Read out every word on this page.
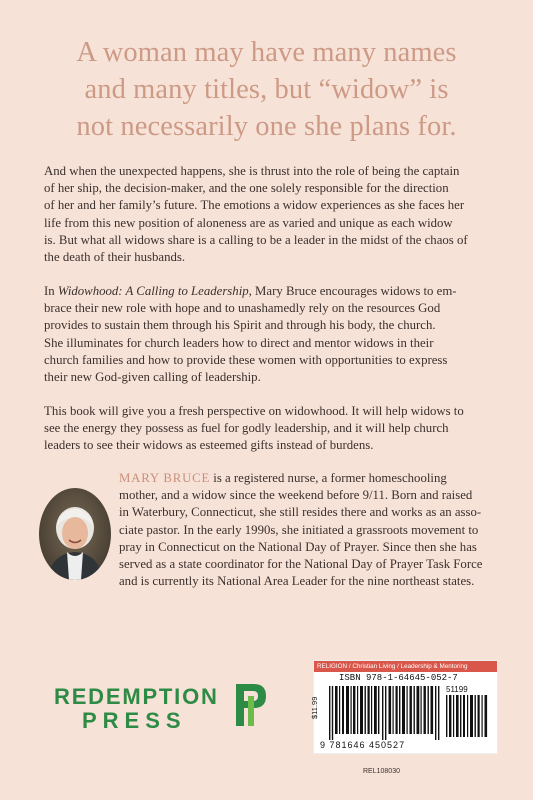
A woman may have many names
and many titles, but “widow” is
not necessarily one she plans for.
And when the unexpected happens, she is thrust into the role of being the captain
of her ship, the decision-maker, and the one solely responsible for the direction
of her and her family’s future. The emotions a widow experiences as she faces her
life from this new position of aloneness are as varied and unique as each widow
is. But what all widows share is a calling to be a leader in the midst of the chaos of
the death of their husbands.
In Widowhood: A Calling to Leadership, Mary Bruce encourages widows to em-
brace their new role with hope and to unashamedly rely on the resources God
provides to sustain them through his Spirit and through his body, the church.
She illuminates for church leaders how to direct and mentor widows in their
church families and how to provide these women with opportunities to express
their new God-given calling of leadership.
This book will give you a fresh perspective on widowhood. It will help widows to
see the energy they possess as fuel for godly leadership, and it will help church
leaders to see their widows as esteemed gifts instead of burdens.
MARY BRUCE is a registered nurse, a former homeschooling
mother, and a widow since the weekend before 9/11. Born and raised
in Waterbury, Connecticut, she still resides there and works as an asso-
ciate pastor. In the early 1990s, she initiated a grassroots movement to
pray in Connecticut on the National Day of Prayer. Since then she has
served as a state coordinator for the National Day of Prayer Task Force
and is currently its National Area Leader for the nine northeast states.
REDEMPTION
PRESS
RELIGION / Christian Living / Leadership & Mentoring
ISBN 978-1-64645-052-7
$11.99
51199
9 781646 450527
REL108030
